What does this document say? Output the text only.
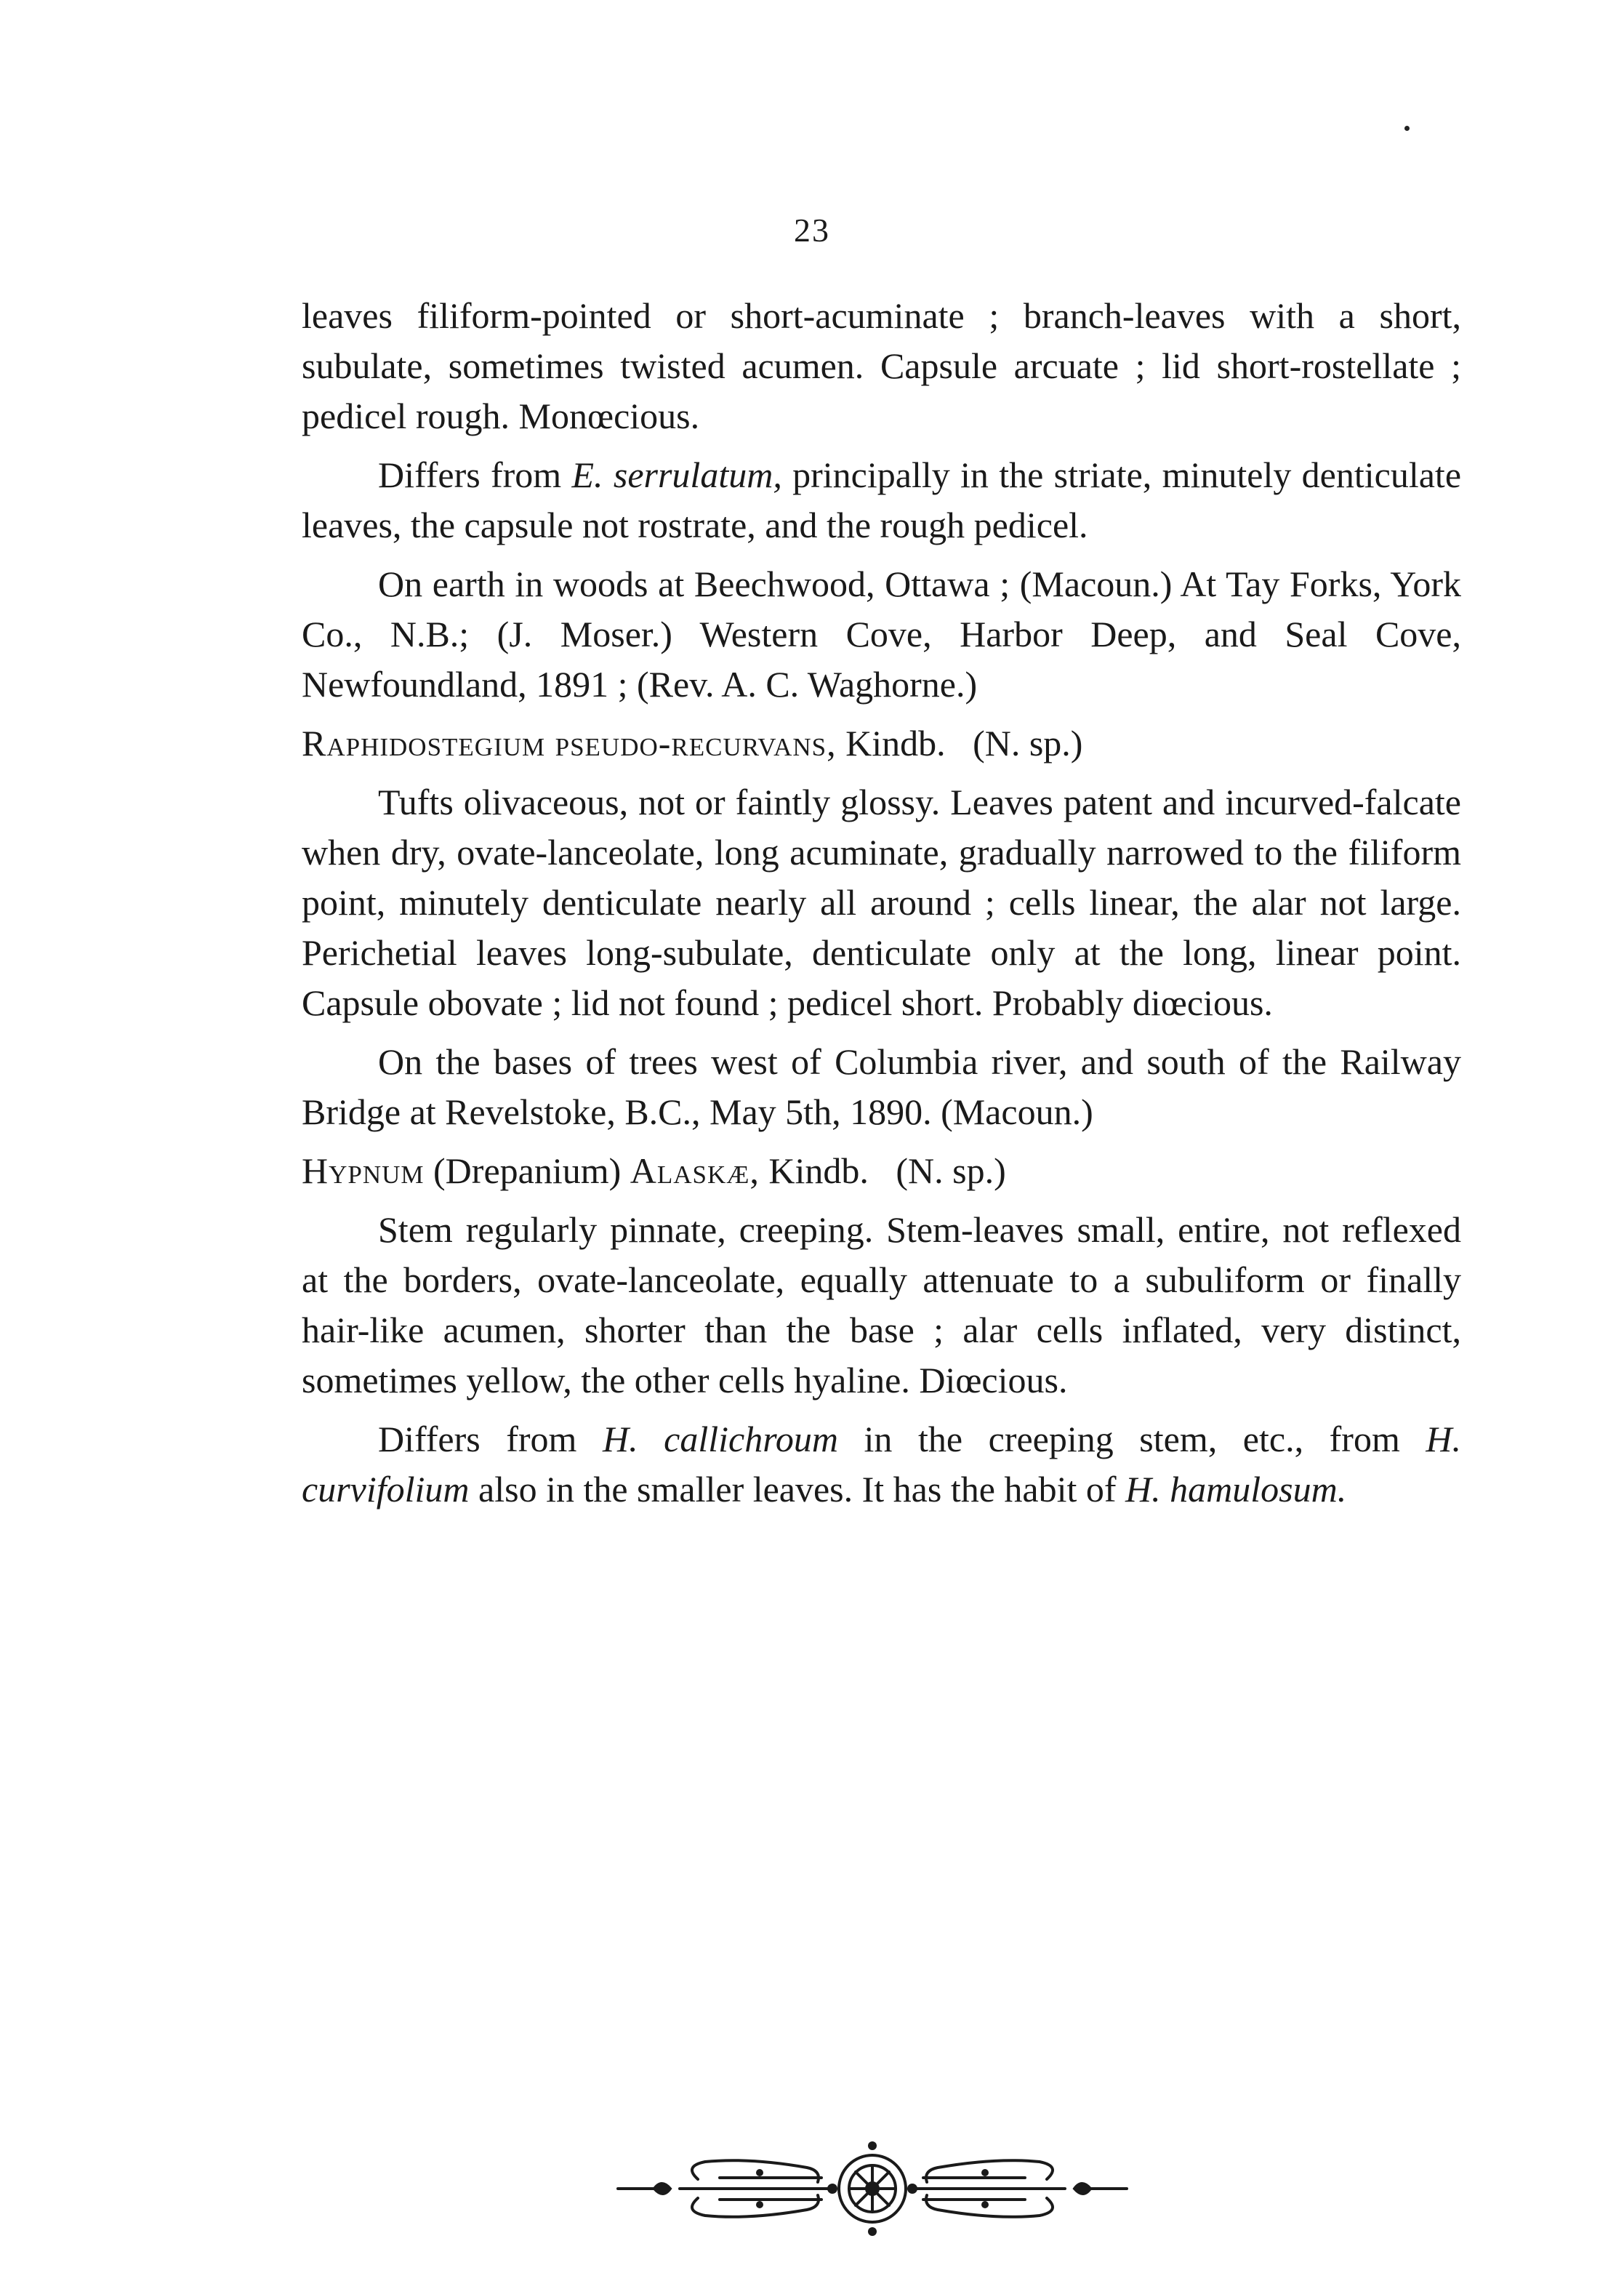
23

leaves filiform-pointed or short-acuminate ; branch-leaves with a short, subulate, sometimes twisted acumen. Capsule arcuate ; lid short-rostellate ; pedicel rough. Monœcious.

Differs from E. serrulatum, principally in the striate, minutely denticulate leaves, the capsule not rostrate, and the rough pedicel.

On earth in woods at Beechwood, Ottawa ; (Macoun.) At Tay Forks, York Co., N.B.; (J. Moser.) Western Cove, Harbor Deep, and Seal Cove, Newfoundland, 1891 ; (Rev. A. C. Waghorne.)

Raphidostegium pseudo-recurvans, Kindb.   (N. sp.)

Tufts olivaceous, not or faintly glossy. Leaves patent and incurved-falcate when dry, ovate-lanceolate, long acuminate, gradually narrowed to the filiform point, minutely denticulate nearly all around ; cells linear, the alar not large. Perichetial leaves long-subulate, denticulate only at the long, linear point. Capsule obovate ; lid not found ; pedicel short. Probably diœcious.

On the bases of trees west of Columbia river, and south of the Railway Bridge at Revelstoke, B.C., May 5th, 1890. (Macoun.)

Hypnum (Drepanium) Alaskæ, Kindb.   (N. sp.)

Stem regularly pinnate, creeping. Stem-leaves small, entire, not reflexed at the borders, ovate-lanceolate, equally attenuate to a subuliform or finally hair-like acumen, shorter than the base ; alar cells inflated, very distinct, sometimes yellow, the other cells hyaline. Diœcious.

Differs from H. callichroum in the creeping stem, etc., from H. curvifolium also in the smaller leaves. It has the habit of H. hamulosum.
